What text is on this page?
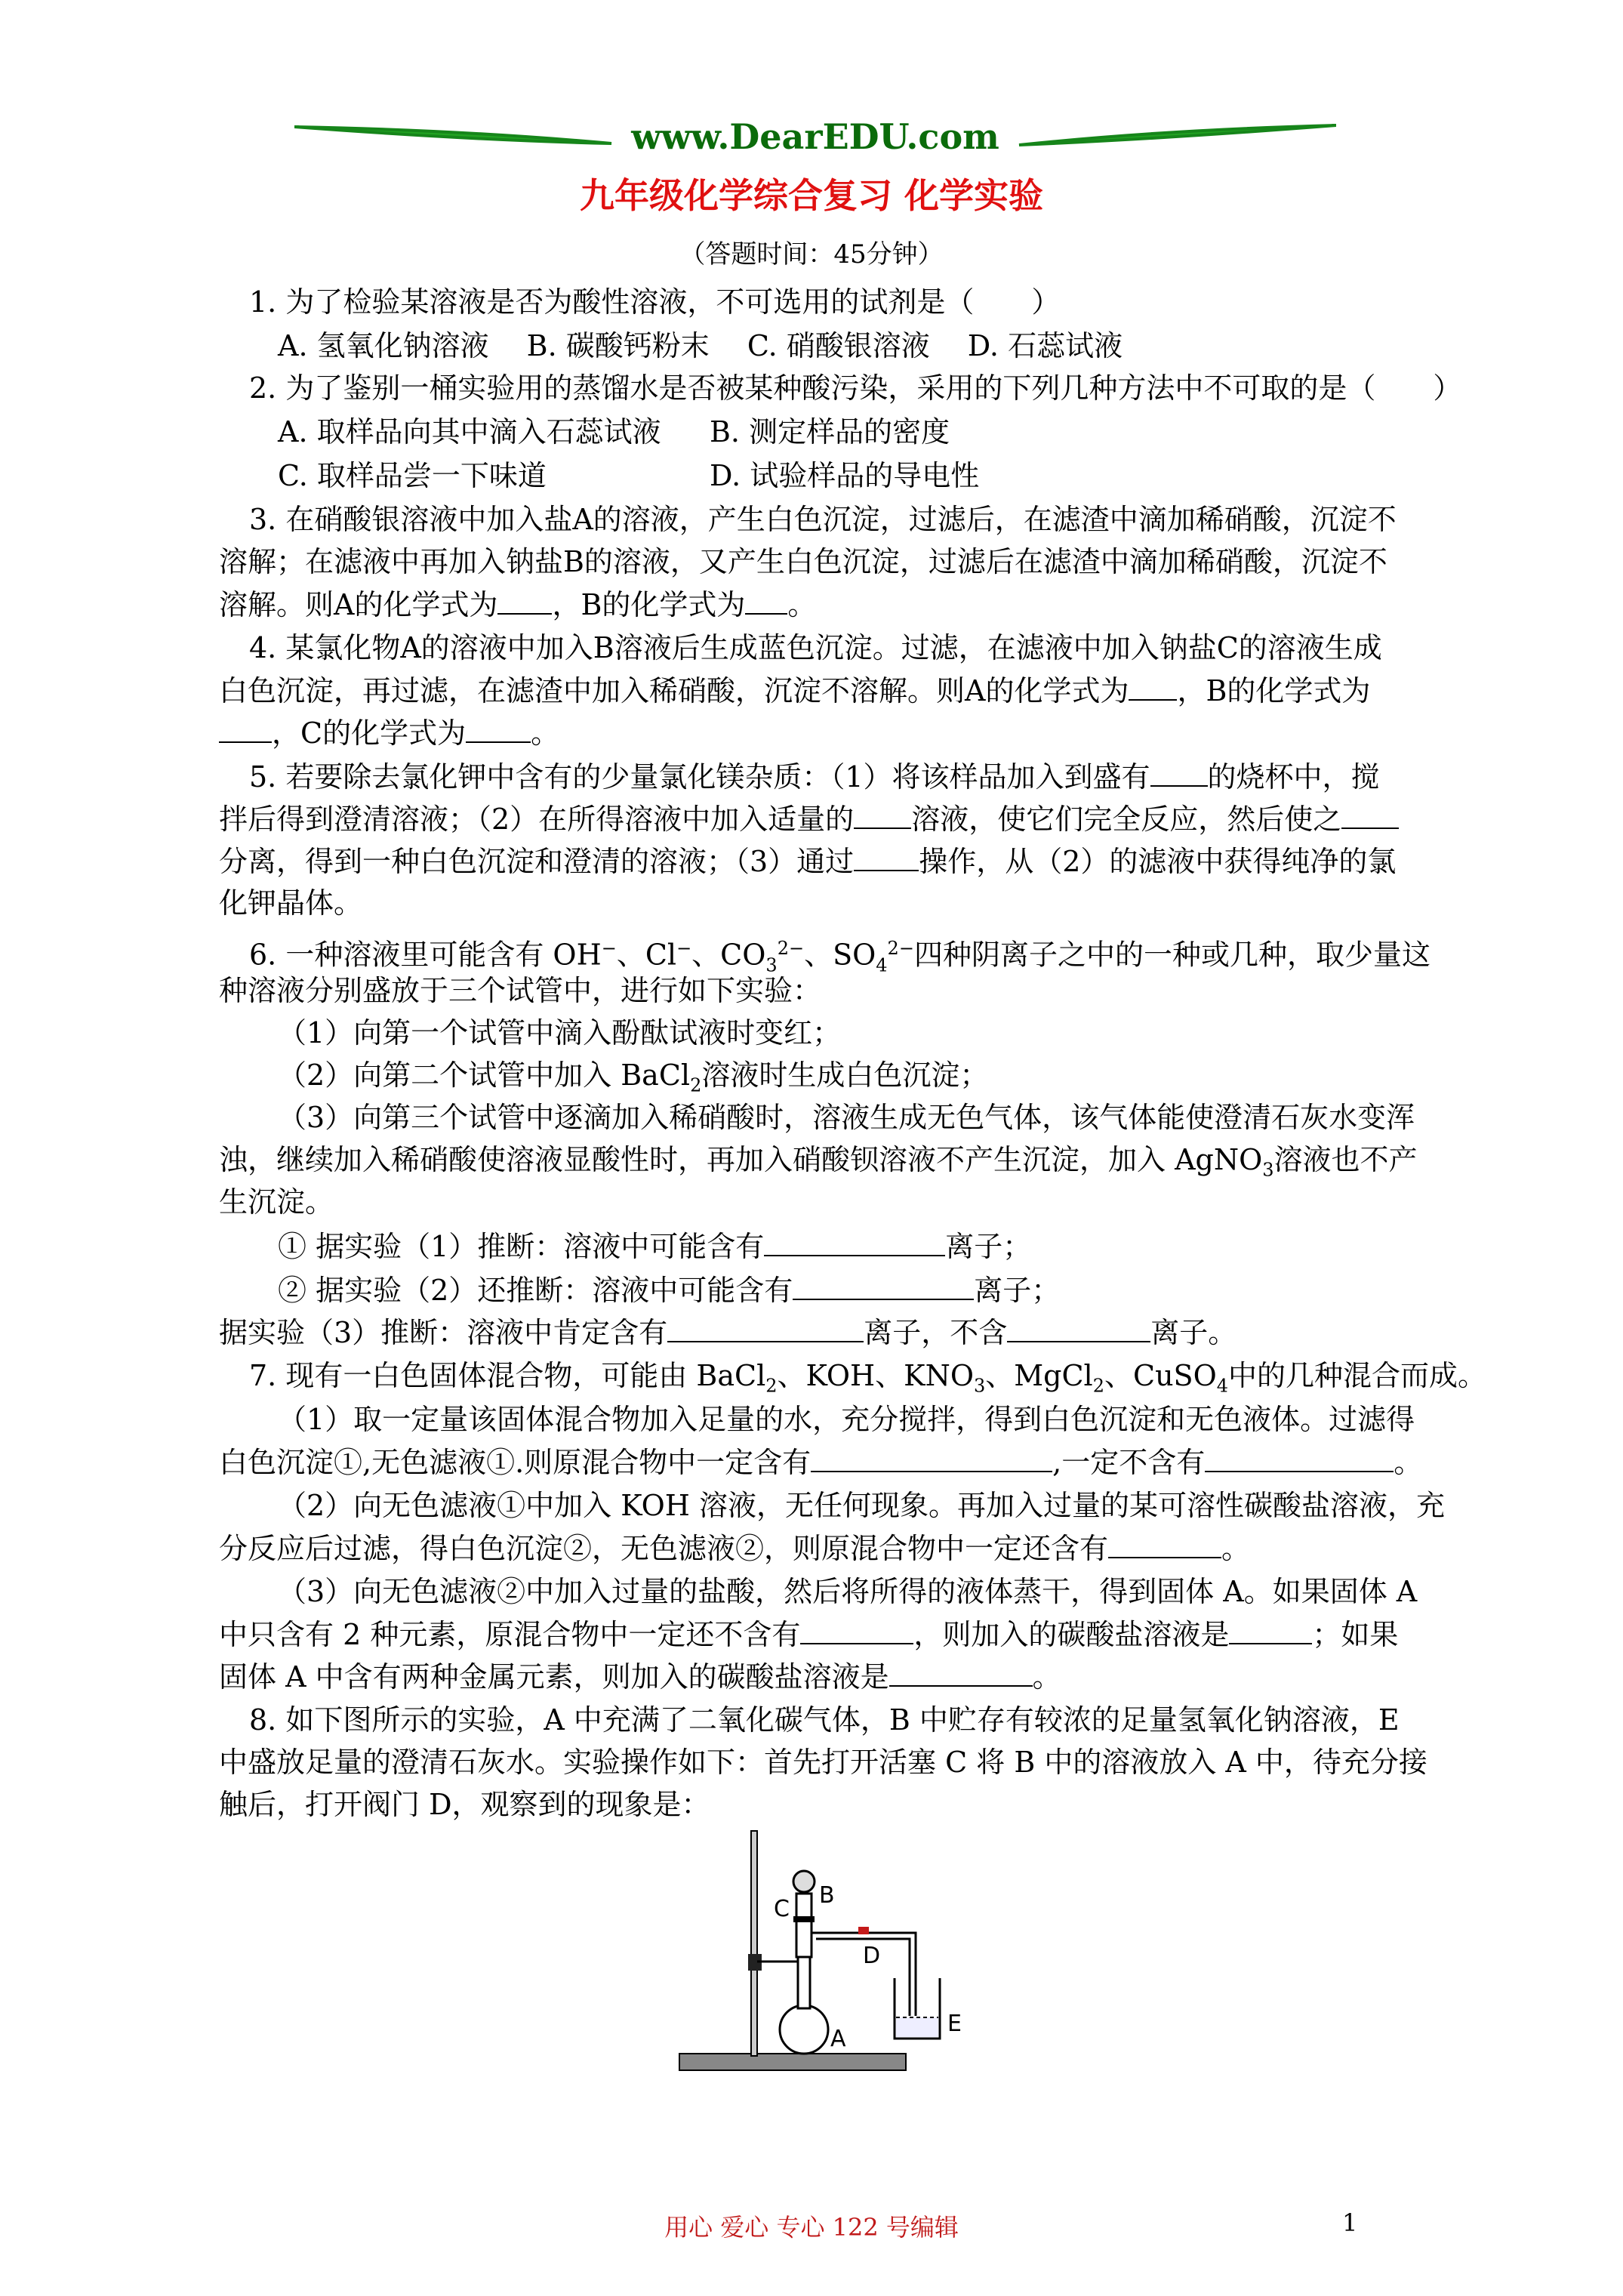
www.DearEDU.com
九年级化学综合复习 化学实验
（答题时间：45分钟）
1. 为了检验某溶液是否为酸性溶液，不可选用的试剂是（　　）
A. 氢氧化钠溶液　 B. 碳酸钙粉末　 C. 硝酸银溶液　 D. 石蕊试液
2. 为了鉴别一桶实验用的蒸馏水是否被某种酸污染，采用的下列几种方法中不可取的是（　　）
A. 取样品向其中滴入石蕊试液 B. 测定样品的密度
C. 取样品尝一下味道	D. 试验样品的导电性
3. 在硝酸银溶液中加入盐A的溶液，产生白色沉淀，过滤后，在滤渣中滴加稀硝酸，沉淀不
溶解；在滤液中再加入钠盐B的溶液，又产生白色沉淀，过滤后在滤渣中滴加稀硝酸，沉淀不
溶解。则A的化学式为 ，B的化学式为 。
4. 某氯化物A的溶液中加入B溶液后生成蓝色沉淀。过滤，在滤液中加入钠盐C的溶液生成
白色沉淀，再过滤，在滤渣中加入稀硝酸，沉淀不溶解。则A的化学式为 ，B的化学式为
，C的化学式为 。
5. 若要除去氯化钾中含有的少量氯化镁杂质：（1）将该样品加入到盛有 的烧杯中，搅
拌后得到澄清溶液；（2）在所得溶液中加入适量的 溶液，使它们完全反应，然后使之
分离，得到一种白色沉淀和澄清的溶液；（3）通过 操作，从（2）的滤液中获得纯净的氯
化钾晶体。
6. 一种溶液里可能含有 OH−、Cl−、$CO_3^{2-}$、$SO_4^{2-}$四种阴离子之中的一种或几种，取少量这
种溶液分别盛放于三个试管中，进行如下实验：
（1）向第一个试管中滴入酚酞试液时变红；
（2）向第二个试管中加入 BaCl$_2$溶液时生成白色沉淀；
（3）向第三个试管中逐滴加入稀硝酸时，溶液生成无色气体，该气体能使澄清石灰水变浑
浊，继续加入稀硝酸使溶液显酸性时，再加入硝酸钡溶液不产生沉淀，加入 AgNO$_3$溶液也不产
生沉淀。
① 据实验（1）推断：溶液中可能含有	离子；
② 据实验（2）还推断：溶液中可能含有	离子；
据实验（3）推断：溶液中肯定含有	离子，不含	离子。
7. 现有一白色固体混合物，可能由 BaCl$_2$、KOH、$KNO_3$、MgCl$_2$、CuSO$_4$中的几种混合而成。
（1）取一定量该固体混合物加入足量的水，充分搅拌，得到白色沉淀和无色液体。过滤得
白色沉淀①,无色滤液①.则原混合物中一定含有	,一定不含有	。
（2）向无色滤液①中加入 KOH 溶液，无任何现象。再加入过量的某可溶性碳酸盐溶液，充
分反应后过滤，得白色沉淀②，无色滤液②，则原混合物中一定还含有	。
（3）向无色滤液②中加入过量的盐酸，然后将所得的液体蒸干，得到固体 A。如果固体 A
中只含有 2 种元素，原混合物中一定还不含有	，则加入的碳酸盐溶液是	；如果
固体 A 中含有两种金属元素，则加入的碳酸盐溶液是	。
8. 如下图所示的实验，A 中充满了二氧化碳气体，B 中贮存有较浓的足量氢氧化钠溶液，E
中盛放足量的澄清石灰水。实验操作如下：首先打开活塞 C 将 B 中的溶液放入 A 中，待充分接
触后，打开阀门 D，观察到的现象是：
B
C
D
E
A
用心 爱心 专心 122 号编辑	1
